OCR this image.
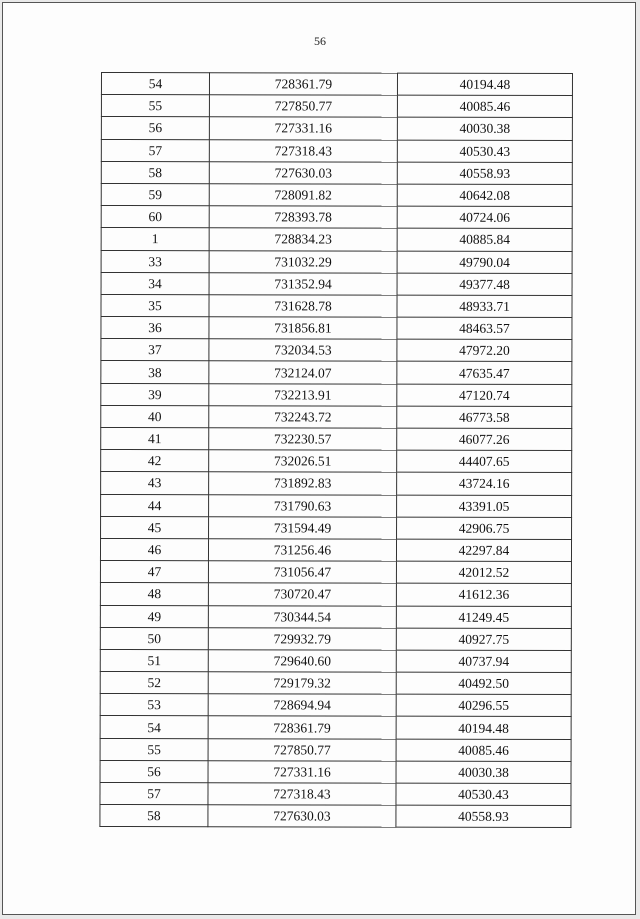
56
54	728361.79	40194.48
55	727850.77	40085.46
56	727331.16	40030.38
57	727318.43	40530.43
58	727630.03	40558.93
59	728091.82	40642.08
60	728393.78	40724.06
1	728834.23	40885.84
33	731032.29	49790.04
34	731352.94	49377.48
35	731628.78	48933.71
36	731856.81	48463.57
37	732034.53	47972.20
38	732124.07	47635.47
39	732213.91	47120.74
40	732243.72	46773.58
41	732230.57	46077.26
42	732026.51	44407.65
43	731892.83	43724.16
44	731790.63	43391.05
45	731594.49	42906.75
46	731256.46	42297.84
47	731056.47	42012.52
48	730720.47	41612.36
49	730344.54	41249.45
50	729932.79	40927.75
51	729640.60	40737.94
52	729179.32	40492.50
53	728694.94	40296.55
54	728361.79	40194.48
55	727850.77	40085.46
56	727331.16	40030.38
57	727318.43	40530.43
58	727630.03	40558.93
